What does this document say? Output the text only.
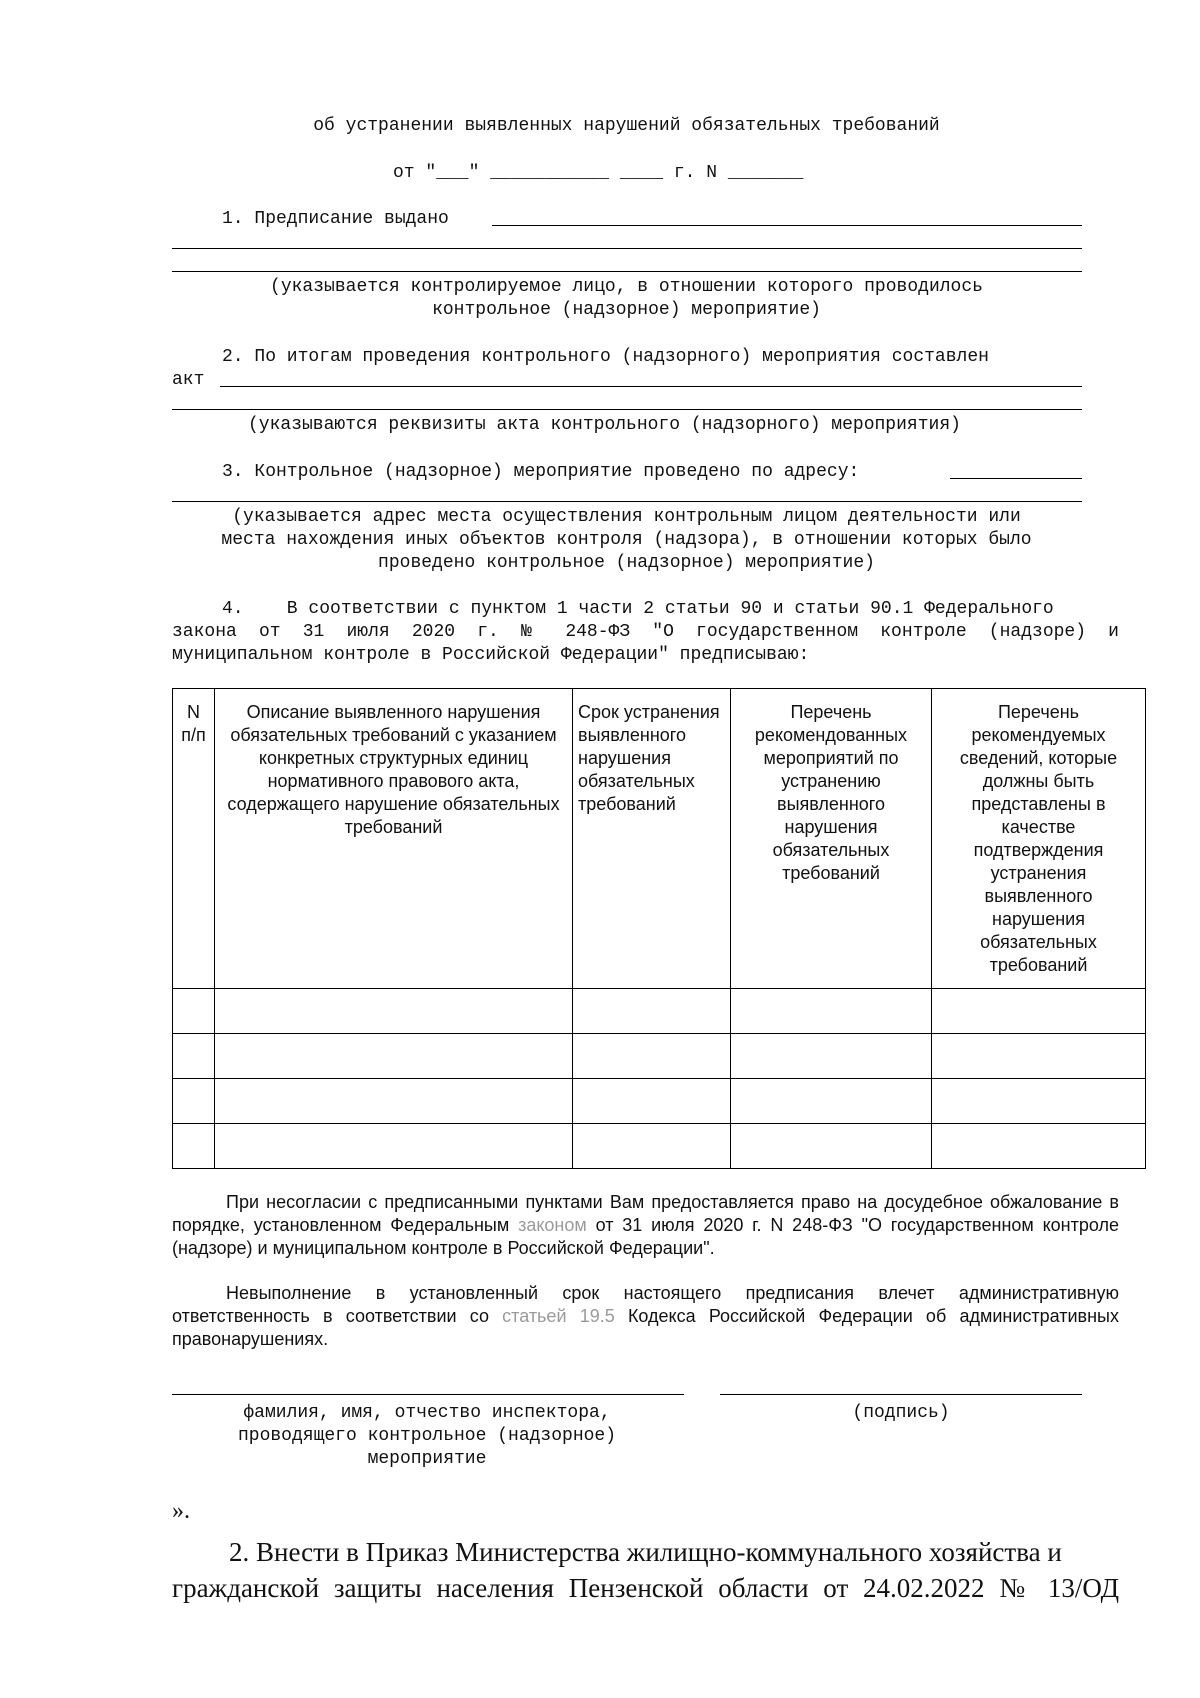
об устранении выявленных нарушений обязательных требований
от "___" ___________ ____ г. N _______
1. Предписание выдано
(указывается контролируемое лицо, в отношении которого проводилось
контрольное (надзорное) мероприятие)
2. По итогам проведения контрольного (надзорного) мероприятия составлен
акт
(указываются реквизиты акта контрольного (надзорного) мероприятия)
3. Контрольное (надзорное) мероприятие проведено по адресу:
(указывается адрес места осуществления контрольным лицом деятельности или
места нахождения иных объектов контроля (надзора), в отношении которых было
проведено контрольное (надзорное) мероприятие)
4.    В соответствии с пунктом 1 части 2 статьи 90 и статьи 90.1 Федерального
закона от 31 июля 2020 г. № 248-ФЗ "О государственном контроле (надзоре) и
муниципальном контроле в Российской Федерации" предписываю:
N п/п	Описание выявленного нарушения обязательных требований с указанием конкретных структурных единиц нормативного правового акта, содержащего нарушение обязательных требований	Срок устранения выявленного нарушения обязательных требований	Перечень рекомендованных мероприятий по устранению выявленного нарушения обязательных требований	Перечень рекомендуемых сведений, которые должны быть представлены в качестве подтверждения устранения выявленного нарушения обязательных требований

При несогласии с предписанными пунктами Вам предоставляется право на досудебное обжалование в порядке, установленном Федеральным законом от 31 июля 2020 г. N 248-ФЗ "О государственном контроле (надзоре) и муниципальном контроле в Российской Федерации".
Невыполнение в установленный срок настоящего предписания влечет административную ответственность в соответствии со статьей 19.5 Кодекса Российской Федерации об административных правонарушениях.
фамилия, имя, отчество инспектора,
проводящего контрольное (надзорное)
мероприятие
(подпись)
».
2. Внести в Приказ Министерства жилищно-коммунального хозяйства и
гражданской защиты населения Пензенской области от 24.02.2022 № 13/ОД
